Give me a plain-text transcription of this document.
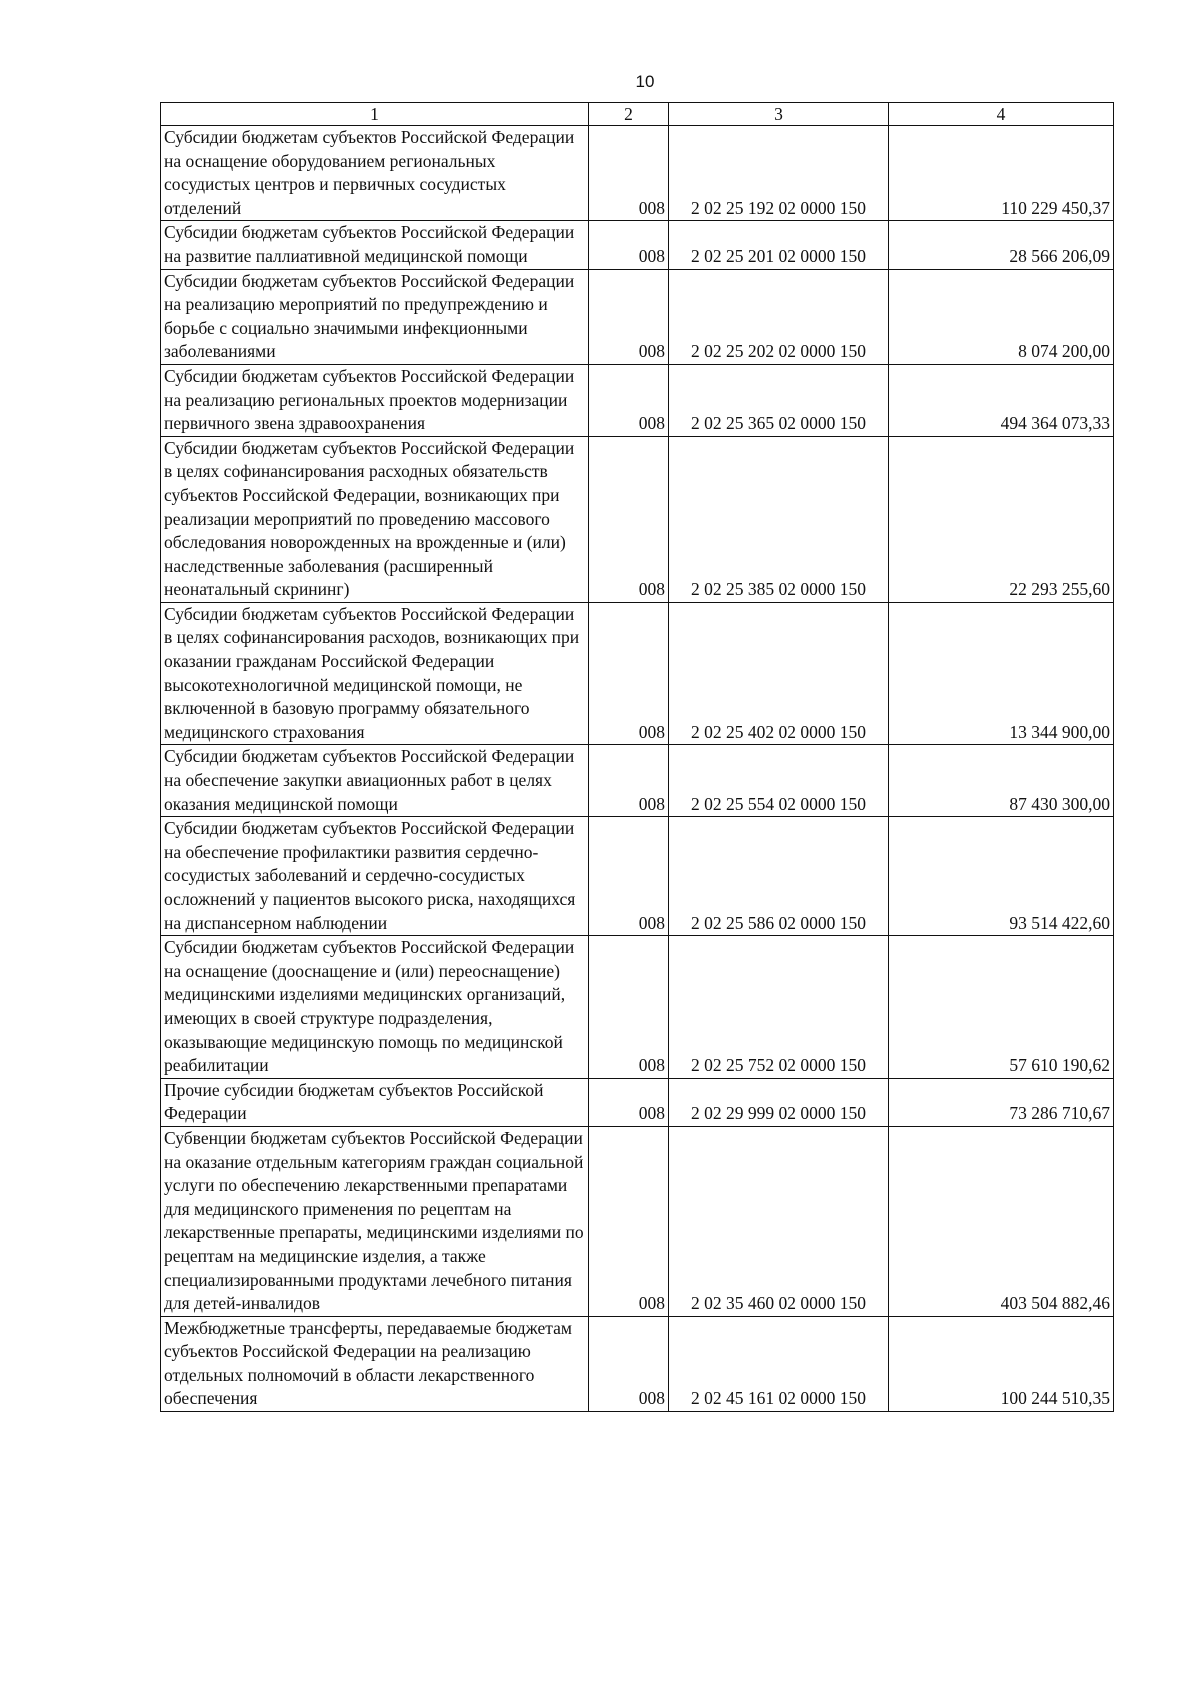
10
1	2	3	4
Субсидии бюджетам субъектов Российской Федерации на оснащение оборудованием региональных сосудистых центров и первичных сосудистых отделений	008	2 02 25 192 02 0000 150	110 229 450,37
Субсидии бюджетам субъектов Российской Федерации на развитие паллиативной медицинской помощи	008	2 02 25 201 02 0000 150	28 566 206,09
Субсидии бюджетам субъектов Российской Федерации на реализацию мероприятий по предупреждению и борьбе с социально значимыми инфекционными заболеваниями	008	2 02 25 202 02 0000 150	8 074 200,00
Субсидии бюджетам субъектов Российской Федерации на реализацию региональных проектов модернизации первичного звена здравоохранения	008	2 02 25 365 02 0000 150	494 364 073,33
Субсидии бюджетам субъектов Российской Федерации в целях софинансирования расходных обязательств субъектов Российской Федерации, возникающих при реализации мероприятий по проведению массового обследования новорожденных на врожденные и (или) наследственные заболевания (расширенный неонатальный скрининг)	008	2 02 25 385 02 0000 150	22 293 255,60
Субсидии бюджетам субъектов Российской Федерации в целях софинансирования расходов, возникающих при оказании гражданам Российской Федерации высокотехнологичной медицинской помощи, не включенной в базовую программу обязательного медицинского страхования	008	2 02 25 402 02 0000 150	13 344 900,00
Субсидии бюджетам субъектов Российской Федерации на обеспечение закупки авиационных работ в целях оказания медицинской помощи	008	2 02 25 554 02 0000 150	87 430 300,00
Субсидии бюджетам субъектов Российской Федерации на обеспечение профилактики развития сердечно-сосудистых заболеваний и сердечно-сосудистых осложнений у пациентов высокого риска, находящихся на диспансерном наблюдении	008	2 02 25 586 02 0000 150	93 514 422,60
Субсидии бюджетам субъектов Российской Федерации на оснащение (дооснащение и (или) переоснащение) медицинскими изделиями медицинских организаций, имеющих в своей структуре подразделения, оказывающие медицинскую помощь по медицинской реабилитации	008	2 02 25 752 02 0000 150	57 610 190,62
Прочие субсидии бюджетам субъектов Российской Федерации	008	2 02 29 999 02 0000 150	73 286 710,67
Субвенции бюджетам субъектов Российской Федерации на оказание отдельным категориям граждан социальной услуги по обеспечению лекарственными препаратами для медицинского применения по рецептам на лекарственные препараты, медицинскими изделиями по рецептам на медицинские изделия, а также специализированными продуктами лечебного питания для детей-инвалидов	008	2 02 35 460 02 0000 150	403 504 882,46
Межбюджетные трансферты, передаваемые бюджетам субъектов Российской Федерации на реализацию отдельных полномочий в области лекарственного обеспечения	008	2 02 45 161 02 0000 150	100 244 510,35
